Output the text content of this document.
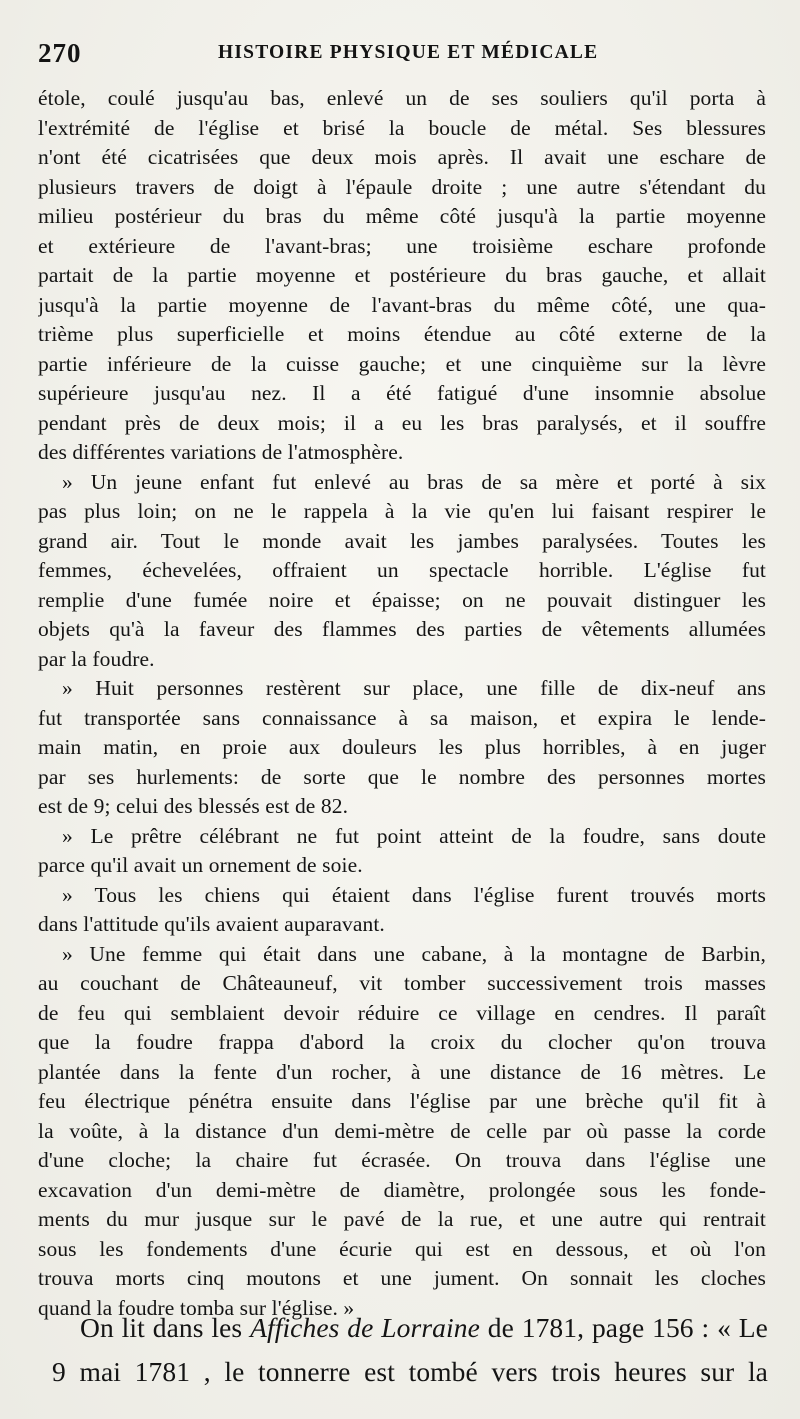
270	HISTOIRE PHYSIQUE ET MÉDICALE
étole, coulé jusqu'au bas, enlevé un de ses souliers qu'il porta à
l'extrémité de l'église et brisé la boucle de métal. Ses blessures
n'ont été cicatrisées que deux mois après. Il avait une eschare de
plusieurs travers de doigt à l'épaule droite ; une autre s'étendant du
milieu postérieur du bras du même côté jusqu'à la partie moyenne
et extérieure de l'avant-bras; une troisième eschare profonde
partait de la partie moyenne et postérieure du bras gauche, et allait
jusqu'à la partie moyenne de l'avant-bras du même côté, une qua-
trième plus superficielle et moins étendue au côté externe de la
partie inférieure de la cuisse gauche; et une cinquième sur la lèvre
supérieure jusqu'au nez. Il a été fatigué d'une insomnie absolue
pendant près de deux mois; il a eu les bras paralysés, et il souffre
des différentes variations de l'atmosphère.
» Un jeune enfant fut enlevé au bras de sa mère et porté à six
pas plus loin; on ne le rappela à la vie qu'en lui faisant respirer le
grand air. Tout le monde avait les jambes paralysées. Toutes les
femmes, échevelées, offraient un spectacle horrible. L'église fut
remplie d'une fumée noire et épaisse; on ne pouvait distinguer les
objets qu'à la faveur des flammes des parties de vêtements allumées
par la foudre.
» Huit personnes restèrent sur place, une fille de dix-neuf ans
fut transportée sans connaissance à sa maison, et expira le lende-
main matin, en proie aux douleurs les plus horribles, à en juger
par ses hurlements: de sorte que le nombre des personnes mortes
est de 9; celui des blessés est de 82.
» Le prêtre célébrant ne fut point atteint de la foudre, sans doute
parce qu'il avait un ornement de soie.
» Tous les chiens qui étaient dans l'église furent trouvés morts
dans l'attitude qu'ils avaient auparavant.
» Une femme qui était dans une cabane, à la montagne de Barbin,
au couchant de Châteauneuf, vit tomber successivement trois masses
de feu qui semblaient devoir réduire ce village en cendres. Il paraît
que la foudre frappa d'abord la croix du clocher qu'on trouva
plantée dans la fente d'un rocher, à une distance de 16 mètres. Le
feu électrique pénétra ensuite dans l'église par une brèche qu'il fit à
la voûte, à la distance d'un demi-mètre de celle par où passe la corde
d'une cloche; la chaire fut écrasée. On trouva dans l'église une
excavation d'un demi-mètre de diamètre, prolongée sous les fonde-
ments du mur jusque sur le pavé de la rue, et une autre qui rentrait
sous les fondements d'une écurie qui est en dessous, et où l'on
trouva morts cinq moutons et une jument. On sonnait les cloches
quand la foudre tomba sur l'église. »
On lit dans les Affiches de Lorraine de 1781, page 156 : « Le
9 mai 1781 , le tonnerre est tombé vers trois heures sur la
